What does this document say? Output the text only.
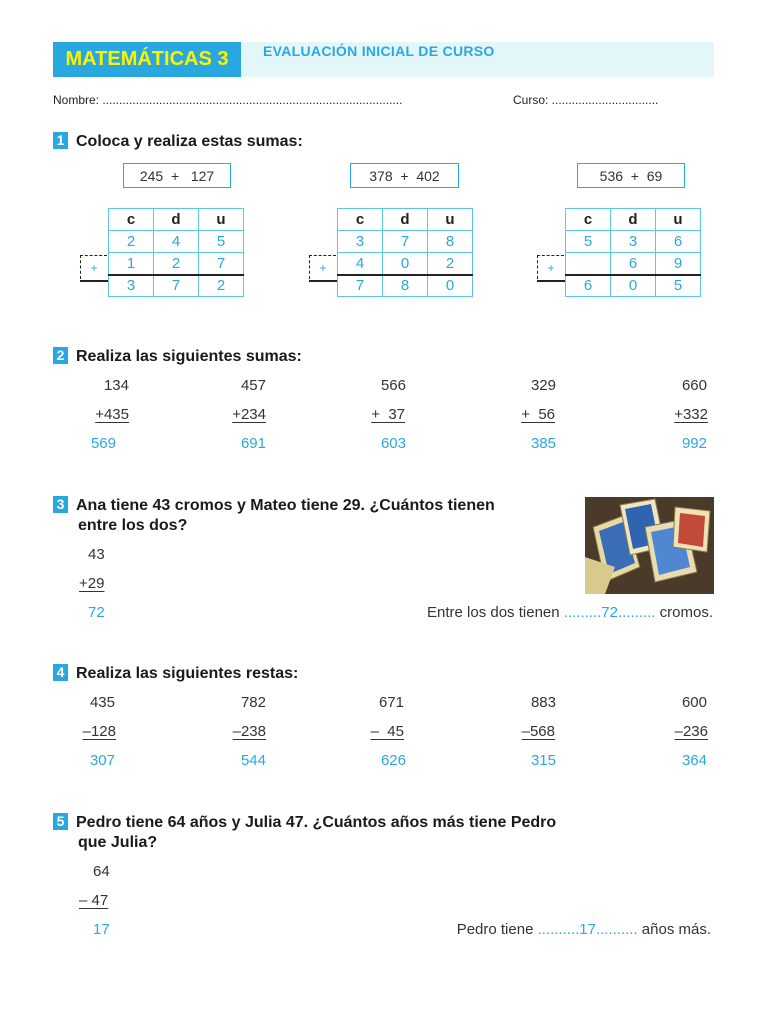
MATEMÁTICAS 3	EVALUACIÓN INICIAL DE CURSO
Nombre: ..........................................................................................	Curso: ................................
1 Coloca y realiza estas sumas:
245  +   127
+
c	d	u
2	4	5
1	2	7
3	7	2
378  +  402
+
c	d	u
3	7	8
4	0	2
7	8	0
536  +  69
+
c	d	u
5	3	6
	6	9
6	0	5
2 Realiza las siguientes sumas:
134
+435
569
457
+234
691
566
+  37
603
329
+  56
385
660
+332
992
3 Ana tiene 43 cromos y Mateo tiene 29. ¿Cuántos tienen
entre los dos?
43
+29
72	Entre los dos tienen .........72......... cromos.
4 Realiza las siguientes restas:
435
–128
307
782
–238
544
671
–  45
626
883
–568
315
600
–236
364
5 Pedro tiene 64 años y Julia 47. ¿Cuántos años más tiene Pedro
que Julia?
64
– 47
17	Pedro tiene ..........17.......... años más.
